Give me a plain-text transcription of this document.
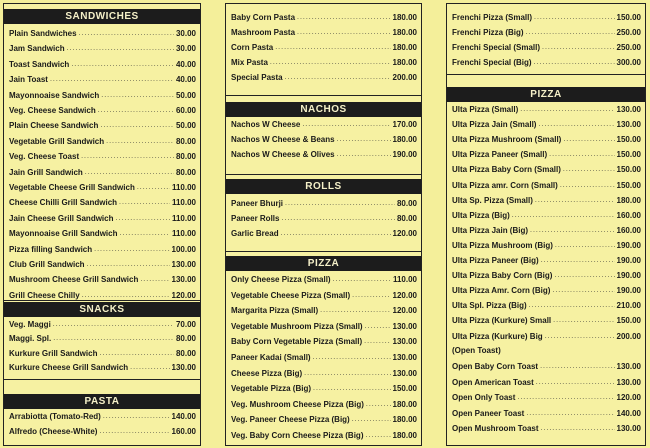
SANDWICHES
Plain Sandwiches .....	30.00
Jam Sandwich .....	30.00
Toast Sandwich .....	40.00
Jain Toast .....	40.00
Mayonnoaise Sandwich .....	50.00
Veg. Cheese Sandwich .....	60.00
Plain Cheese Sandwich .....	50.00
Vegetable Grill Sandwich .....	80.00
Veg. Cheese Toast .....	80.00
Jain Grill Sandwich .....	80.00
Vegetable Cheese Grill Sandwich .....	110.00
Cheese Chilli Grill Sandwich .....	110.00
Jain Cheese Grill Sandwich .....	110.00
Mayonnoaise Grill Sandwich .....	110.00
Pizza filling Sandwich .....	100.00
Club Grill Sandwich .....	130.00
Mushroom Cheese Grill Sandwich .....	130.00
Grill Cheese Chilly .....	120.00
SNACKS
Veg. Maggi .....	70.00
Maggi. Spl. .....	80.00
Kurkure Grill Sandwich .....	80.00
Kurkure Cheese Grill Sandwich .....	130.00
PASTA
Arrabiotta (Tomato-Red) .....	140.00
Alfredo (Cheese-White) .....	160.00
Baby Corn Pasta .....	180.00
Mashroom Pasta .....	180.00
Corn Pasta .....	180.00
Mix Pasta .....	180.00
Special Pasta .....	200.00
NACHOS
Nachos W Cheese .....	170.00
Nachos W Cheese & Beans .....	180.00
Nachos W Cheese & Olives .....	190.00
ROLLS
Paneer Bhurji .....	80.00
Paneer Rolls .....	80.00
Garlic Bread .....	120.00
PIZZA
Only Cheese Pizza (Small) .....	110.00
Vegetable Cheese Pizza (Small) .....	120.00
Margarita Pizza (Small) .....	120.00
Vegetable Mushroom Pizza (Small) .....	130.00
Baby Corn Vegetable Pizza (Small) .....	130.00
Paneer Kadai (Small) .....	130.00
Cheese Pizza (Big) .....	130.00
Vegetable Pizza (Big) .....	150.00
Veg. Mushroom Cheese Pizza (Big) .....	180.00
Veg. Paneer Cheese Pizza (Big) .....	180.00
Veg. Baby Corn Cheese Pizza (Big) .....	180.00
Frenchi Pizza (Small) .....	150.00
Frenchi Pizza (Big) .....	250.00
Frenchi Special (Small) .....	250.00
Frenchi Special (Big) .....	300.00
PIZZA
Ulta Pizza (Small) .....	130.00
Ulta Pizza Jain (Small) .....	130.00
Ulta Pizza Mushroom (Small) .....	150.00
Ulta Pizza Paneer (Small) .....	150.00
Ulta Pizza Baby Corn (Small) .....	150.00
Ulta Pizza amr. Corn (Small) .....	150.00
Ulta Sp. Pizza (Small) .....	180.00
Ulta Pizza (Big) .....	160.00
Ulta Pizza Jain (Big) .....	160.00
Ulta Pizza Mushroom (Big) .....	190.00
Ulta Pizza Paneer (Big) .....	190.00
Ulta Pizza Baby Corn (Big) .....	190.00
Ulta Pizza Amr. Corn (Big) .....	190.00
Ulta Spl. Pizza (Big) .....	210.00
Ulta Pizza (Kurkure) Small .....	150.00
Ulta Pizza (Kurkure) Big .....	200.00
(Open Toast)
Open Baby Corn Toast .....	130.00
Open American Toast .....	130.00
Open Only Toast .....	120.00
Open Paneer Toast .....	140.00
Open Mushroom Toast .....	130.00
